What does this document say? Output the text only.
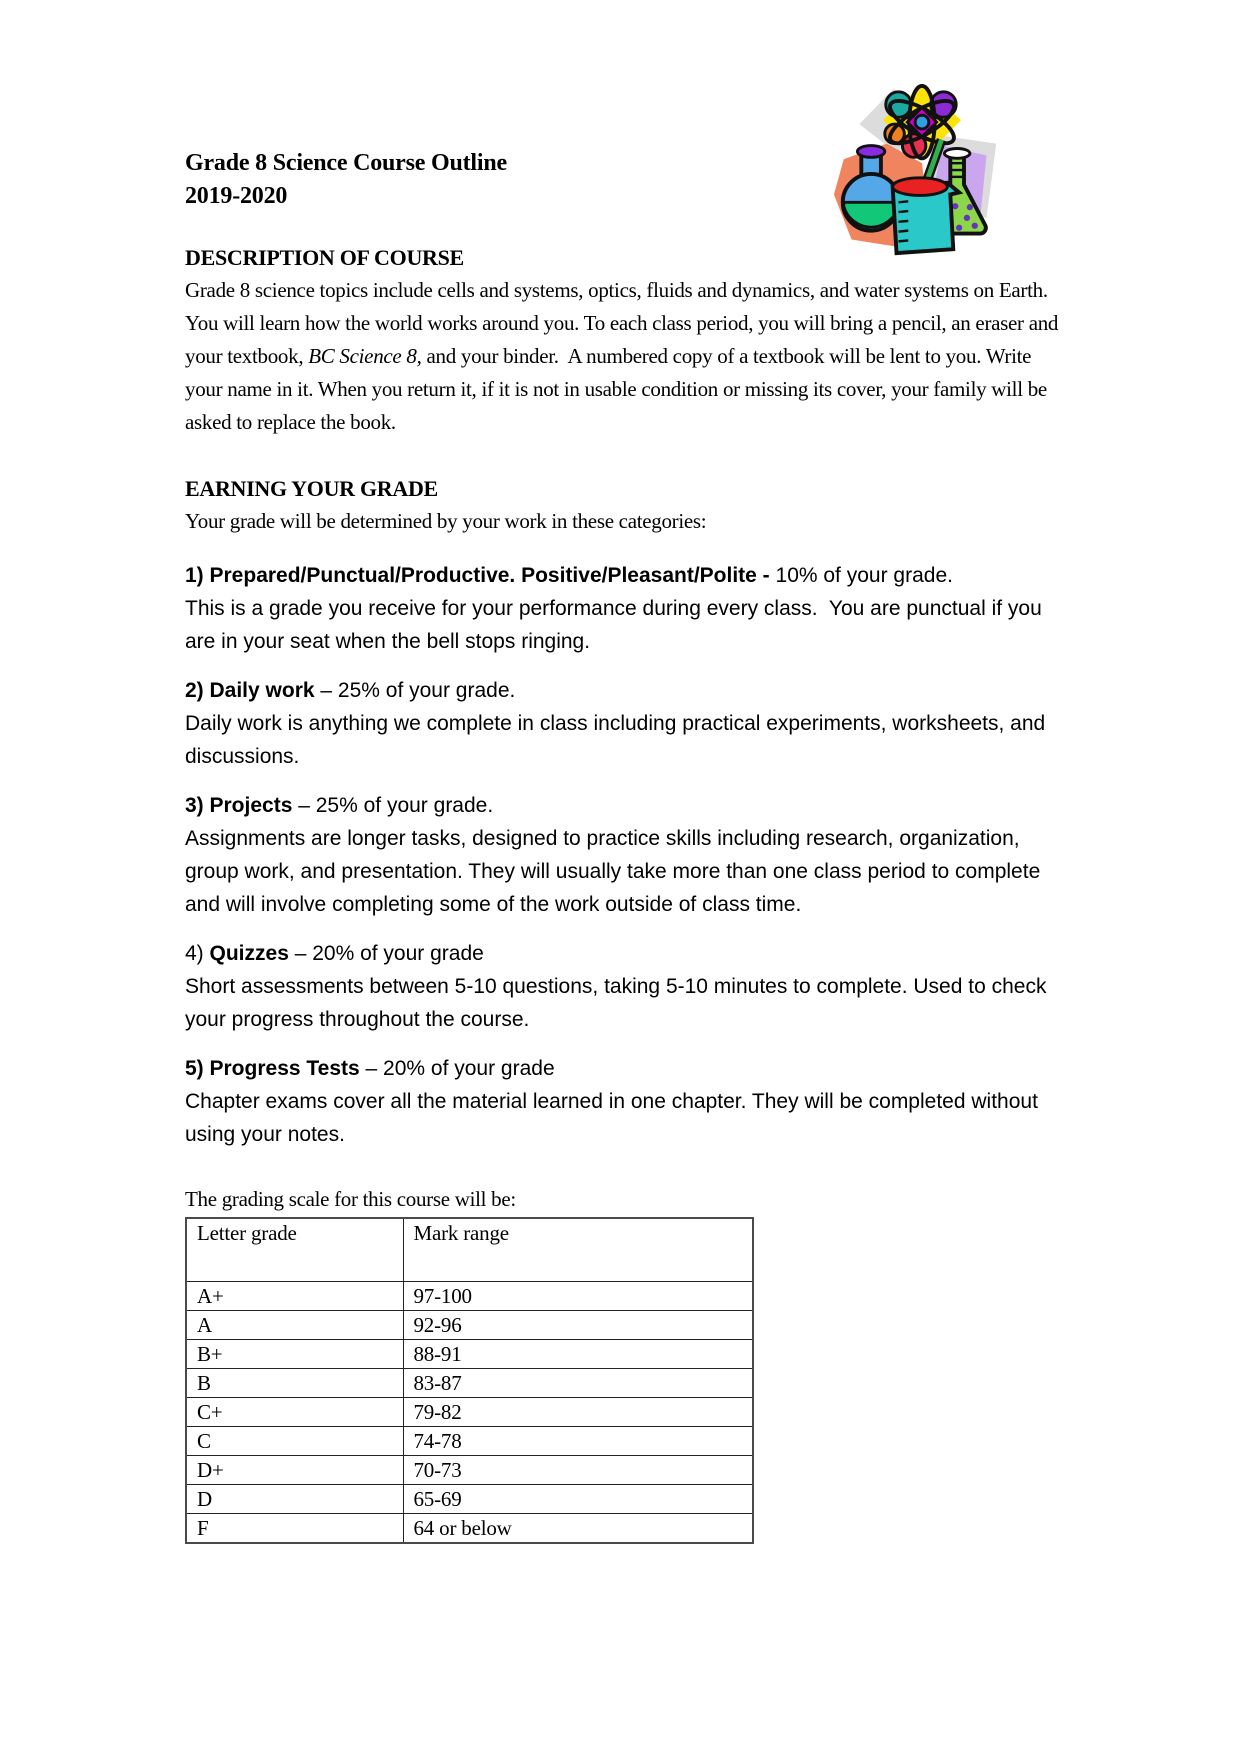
Grade 8 Science Course Outline
2019-2020
DESCRIPTION OF COURSE

Grade 8 science topics include cells and systems, optics, fluids and dynamics, and water systems on Earth. You will learn how the world works around you. To each class period, you will bring a pencil, an eraser and your textbook, BC Science 8, and your binder.  A numbered copy of a textbook will be lent to you. Write your name in it. When you return it, if it is not in usable condition or missing its cover, your family will be asked to replace the book.

EARNING YOUR GRADE

Your grade will be determined by your work in these categories:

1) Prepared/Punctual/Productive. Positive/Pleasant/Polite - 10% of your grade.
This is a grade you receive for your performance during every class.  You are punctual if you are in your seat when the bell stops ringing.
2) Daily work – 25% of your grade.
Daily work is anything we complete in class including practical experiments, worksheets, and discussions.
3) Projects – 25% of your grade.
Assignments are longer tasks, designed to practice skills including research, organization, group work, and presentation. They will usually take more than one class period to complete and will involve completing some of the work outside of class time.
4) Quizzes – 20% of your grade
Short assessments between 5-10 questions, taking 5-10 minutes to complete. Used to check your progress throughout the course.
5) Progress Tests – 20% of your grade
Chapter exams cover all the material learned in one chapter. They will be completed without using your notes.

The grading scale for this course will be:

Letter grade	Mark range
A+	97-100
A	92-96
B+	88-91
B	83-87
C+	79-82
C	74-78
D+	70-73
D	65-69
F	64 or below
